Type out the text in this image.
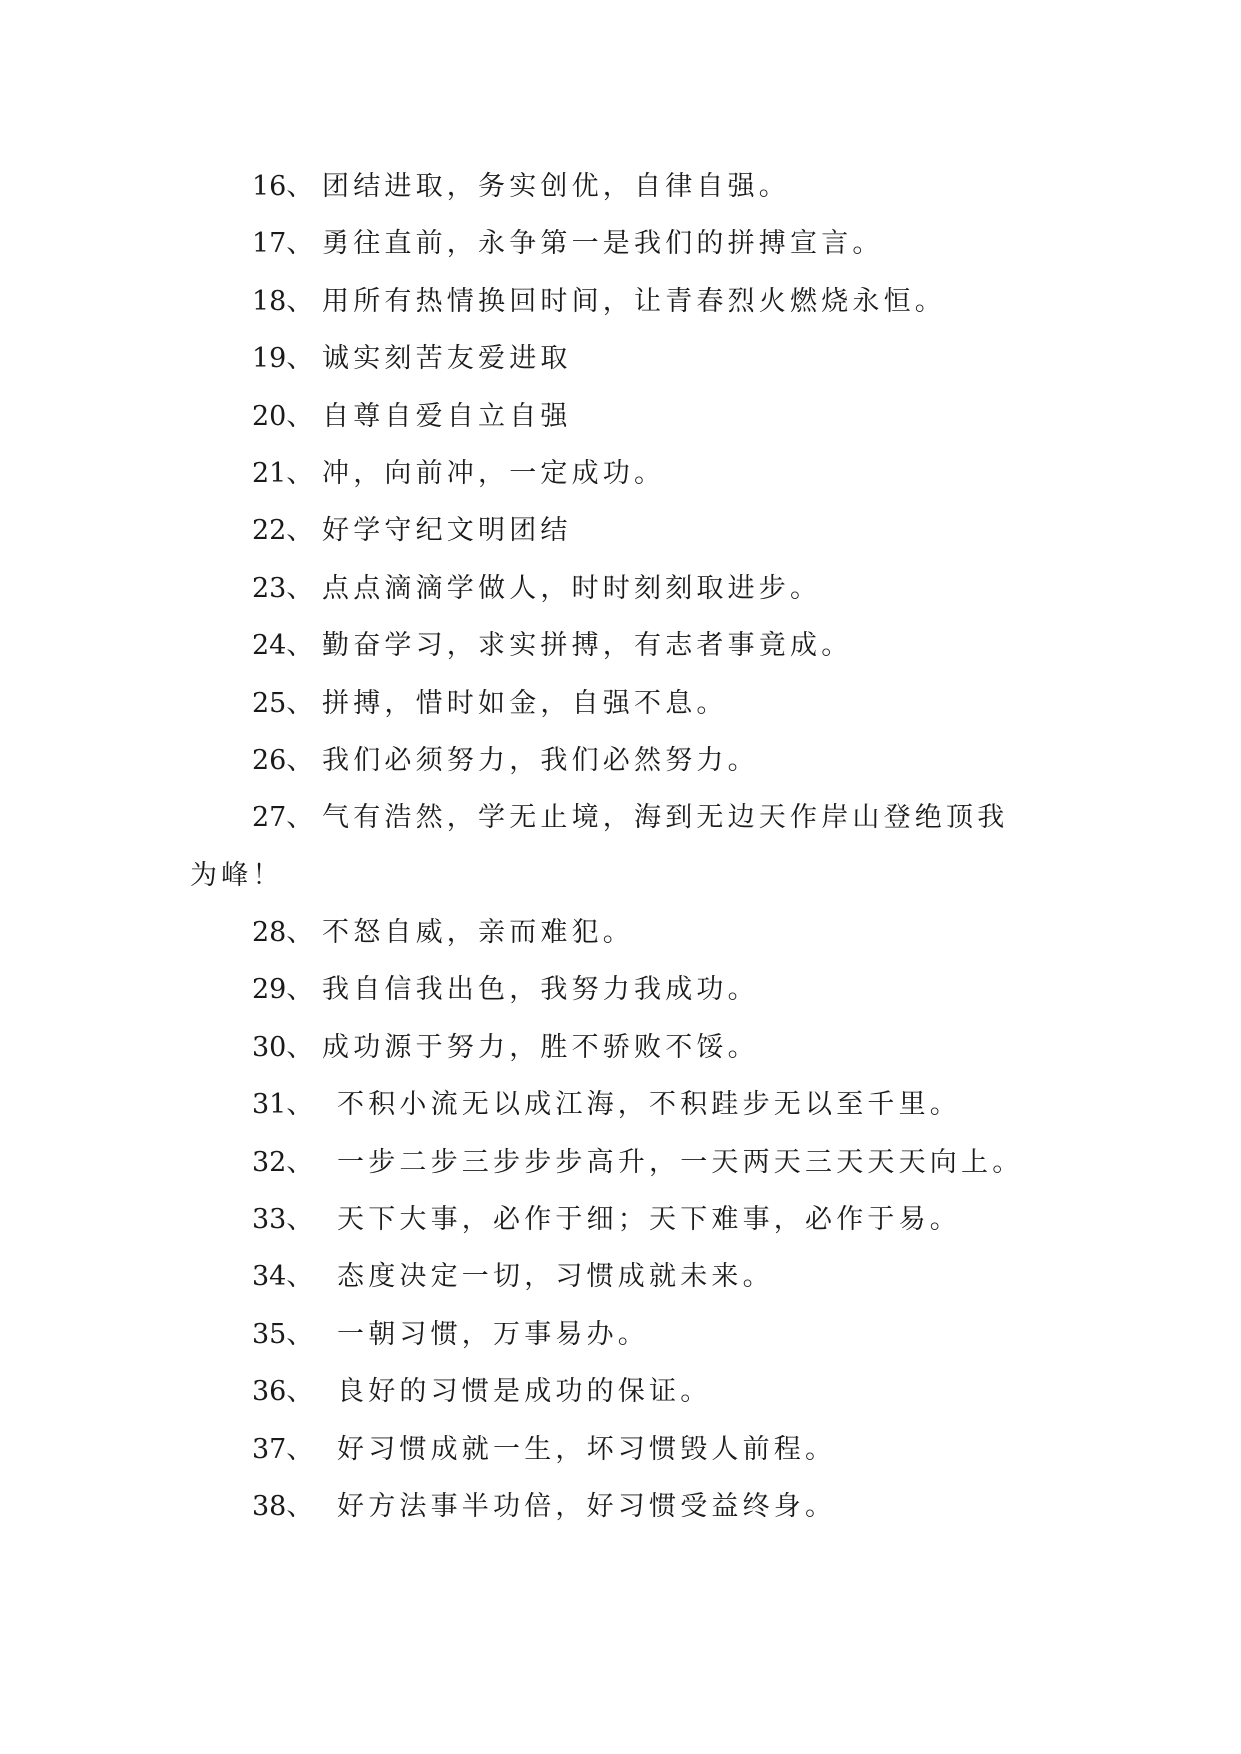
16、 团结进取，务实创优，自律自强。
17、 勇往直前，永争第一是我们的拼搏宣言。
18、 用所有热情换回时间，让青春烈火燃烧永恒。
19、 诚实刻苦友爱进取
20、 自尊自爱自立自强
21、 冲，向前冲，一定成功。
22、 好学守纪文明团结
23、 点点滴滴学做人，时时刻刻取进步。
24、 勤奋学习，求实拼搏，有志者事竟成。
25、 拼搏，惜时如金，自强不息。
26、 我们必须努力，我们必然努力。
27、 气有浩然，学无止境，海到无边天作岸山登绝顶我
为峰！
28、 不怒自威，亲而难犯。
29、 我自信我出色，我努力我成功。
30、 成功源于努力，胜不骄败不馁。
31、 不积小流无以成江海，不积跬步无以至千里。
32、 一步二步三步步步高升，一天两天三天天天向上。
33、 天下大事，必作于细；天下难事，必作于易。
34、 态度决定一切，习惯成就未来。
35、 一朝习惯，万事易办。
36、 良好的习惯是成功的保证。
37、 好习惯成就一生，坏习惯毁人前程。
38、 好方法事半功倍，好习惯受益终身。
